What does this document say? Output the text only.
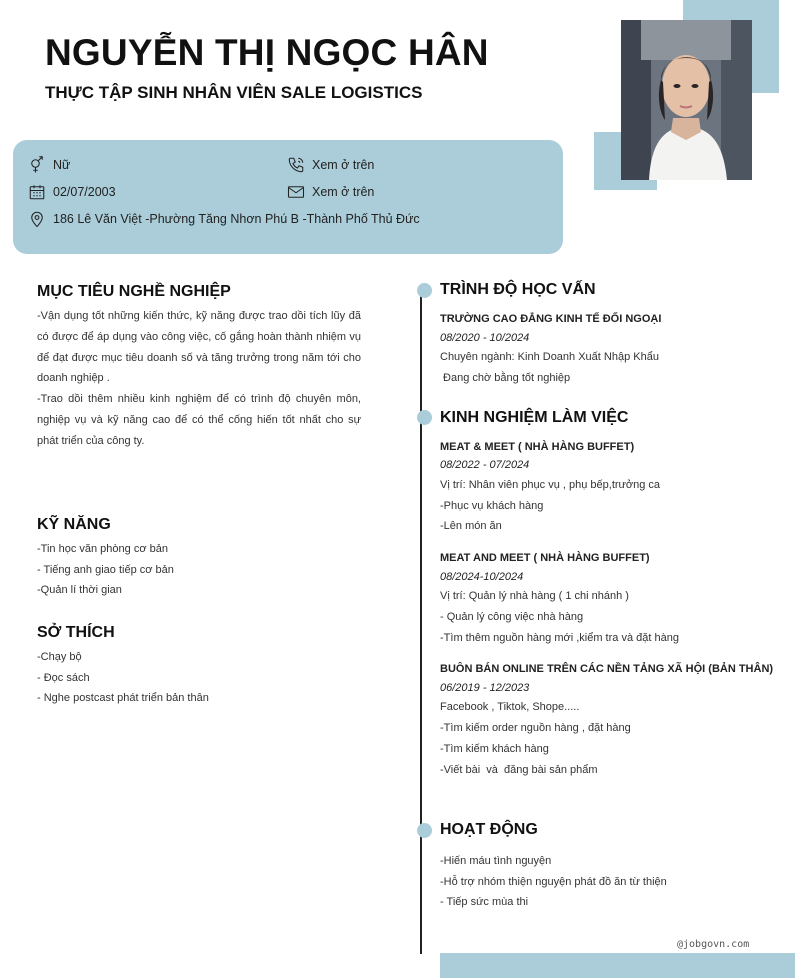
NGUYỄN THỊ NGỌC HÂN
THỰC TẬP SINH NHÂN VIÊN SALE LOGISTICS
Nữ
02/07/2003
186 Lê Văn Việt -Phường Tăng Nhơn Phú B -Thành Phố Thủ Đức
Xem ở trên
Xem ở trên
MỤC TIÊU NGHỀ NGHIỆP

-Vận dụng tốt những kiến thức, kỹ năng được trao dồi tích lũy đã có được để áp dụng vào công việc, cố gắng hoàn thành nhiệm vụ để đạt được mục tiêu doanh số và tăng trưởng trong năm tới cho doanh nghiệp .

-Trao dồi thêm nhiều kinh nghiệm để có trình độ chuyên môn, nghiệp vụ và kỹ năng cao để có thể cống hiến tốt nhất cho sự phát triển của công ty.

KỸ NĂNG
-Tin học văn phòng cơ bản
- Tiếng anh giao tiếp cơ bản
-Quản lí thời gian
SỞ THÍCH
-Chạy bộ
- Đọc sách
- Nghe postcast phát triển bản thân
TRÌNH ĐỘ HỌC VẤN
TRƯỜNG CAO ĐẲNG KINH TẾ ĐỐI NGOẠI
08/2020 - 10/2024
Chuyên ngành: Kinh Doanh Xuất Nhập Khẩu
Đang chờ bằng tốt nghiệp
KINH NGHIỆM LÀM VIỆC
MEAT & MEET ( NHÀ HÀNG BUFFET)
08/2022 - 07/2024
Vị trí: Nhân viên phục vụ , phụ bếp,trưởng ca
-Phục vụ khách hàng
-Lên món ăn
MEAT AND MEET ( NHÀ HÀNG BUFFET)
08/2024-10/2024
Vị trí: Quản lý nhà hàng ( 1 chi nhánh )
- Quản lý công việc nhà hàng
-Tìm thêm nguồn hàng mới ,kiểm tra và đặt hàng
BUÔN BÁN ONLINE TRÊN CÁC NỀN TẢNG XÃ HỘI (BẢN THÂN)
06/2019 - 12/2023
Facebook , Tiktok, Shope.....
-Tìm kiếm order nguồn hàng , đặt hàng
-Tìm kiếm khách hàng
-Viết bài  và  đăng bài sản phẩm
HOẠT ĐỘNG
-Hiến máu tình nguyện
-Hỗ trợ nhóm thiện nguyện phát đồ ăn từ thiện
- Tiếp sức mùa thi
@jobgovn.com
